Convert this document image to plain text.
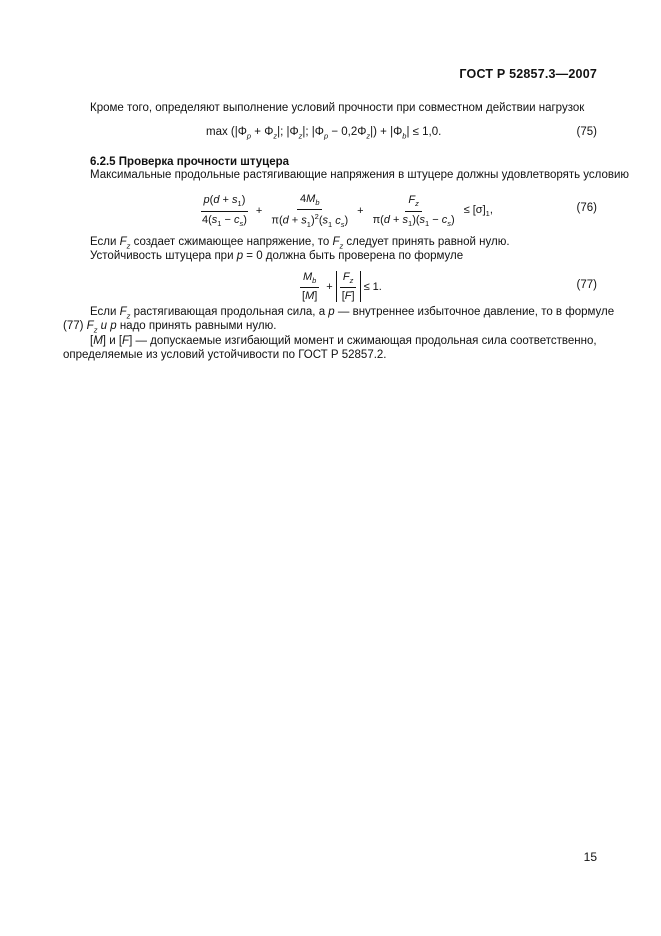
ГОСТ Р 52857.3—2007
Кроме того, определяют выполнение условий прочности при совместном действии нагрузок
$\max (|\Phi_p + \Phi_z|$; $|\Phi_z|$; $|\Phi_p - 0,2\Phi_z|) + |\Phi_b| \le 1,0$.	(75)
6.2.5 Проверка прочности штуцера
Максимальные продольные растягивающие напряжения в штуцере должны удовлетворять условию
$\frac{p(d + s_1)}{4(s_1 - c_s)} + \frac{4M_b}{\pi(d + s_1)^2(s_1 c_s)} + \frac{F_z}{\pi(d + s_1)(s_1 - c_s)} \le [\sigma]_1$,	(76)
Если $F_z$ создает сжимающее напряжение, то $F_z$ следует принять равной нулю.
Устойчивость штуцера при p = 0 должна быть проверена по формуле
$\frac{M_b}{[M]} + \frac{F_z}{[F]} \le 1$.	(77)
Если $F_z$ растягивающая продольная сила, а p — внутреннее избыточное давление, то в формуле
(77) $F_z$ и p надо принять равными нулю.
[M] и [F] — допускаемые изгибающий момент и сжимающая продольная сила соответственно,
определяемые из условий устойчивости по ГОСТ Р 52857.2.
15
